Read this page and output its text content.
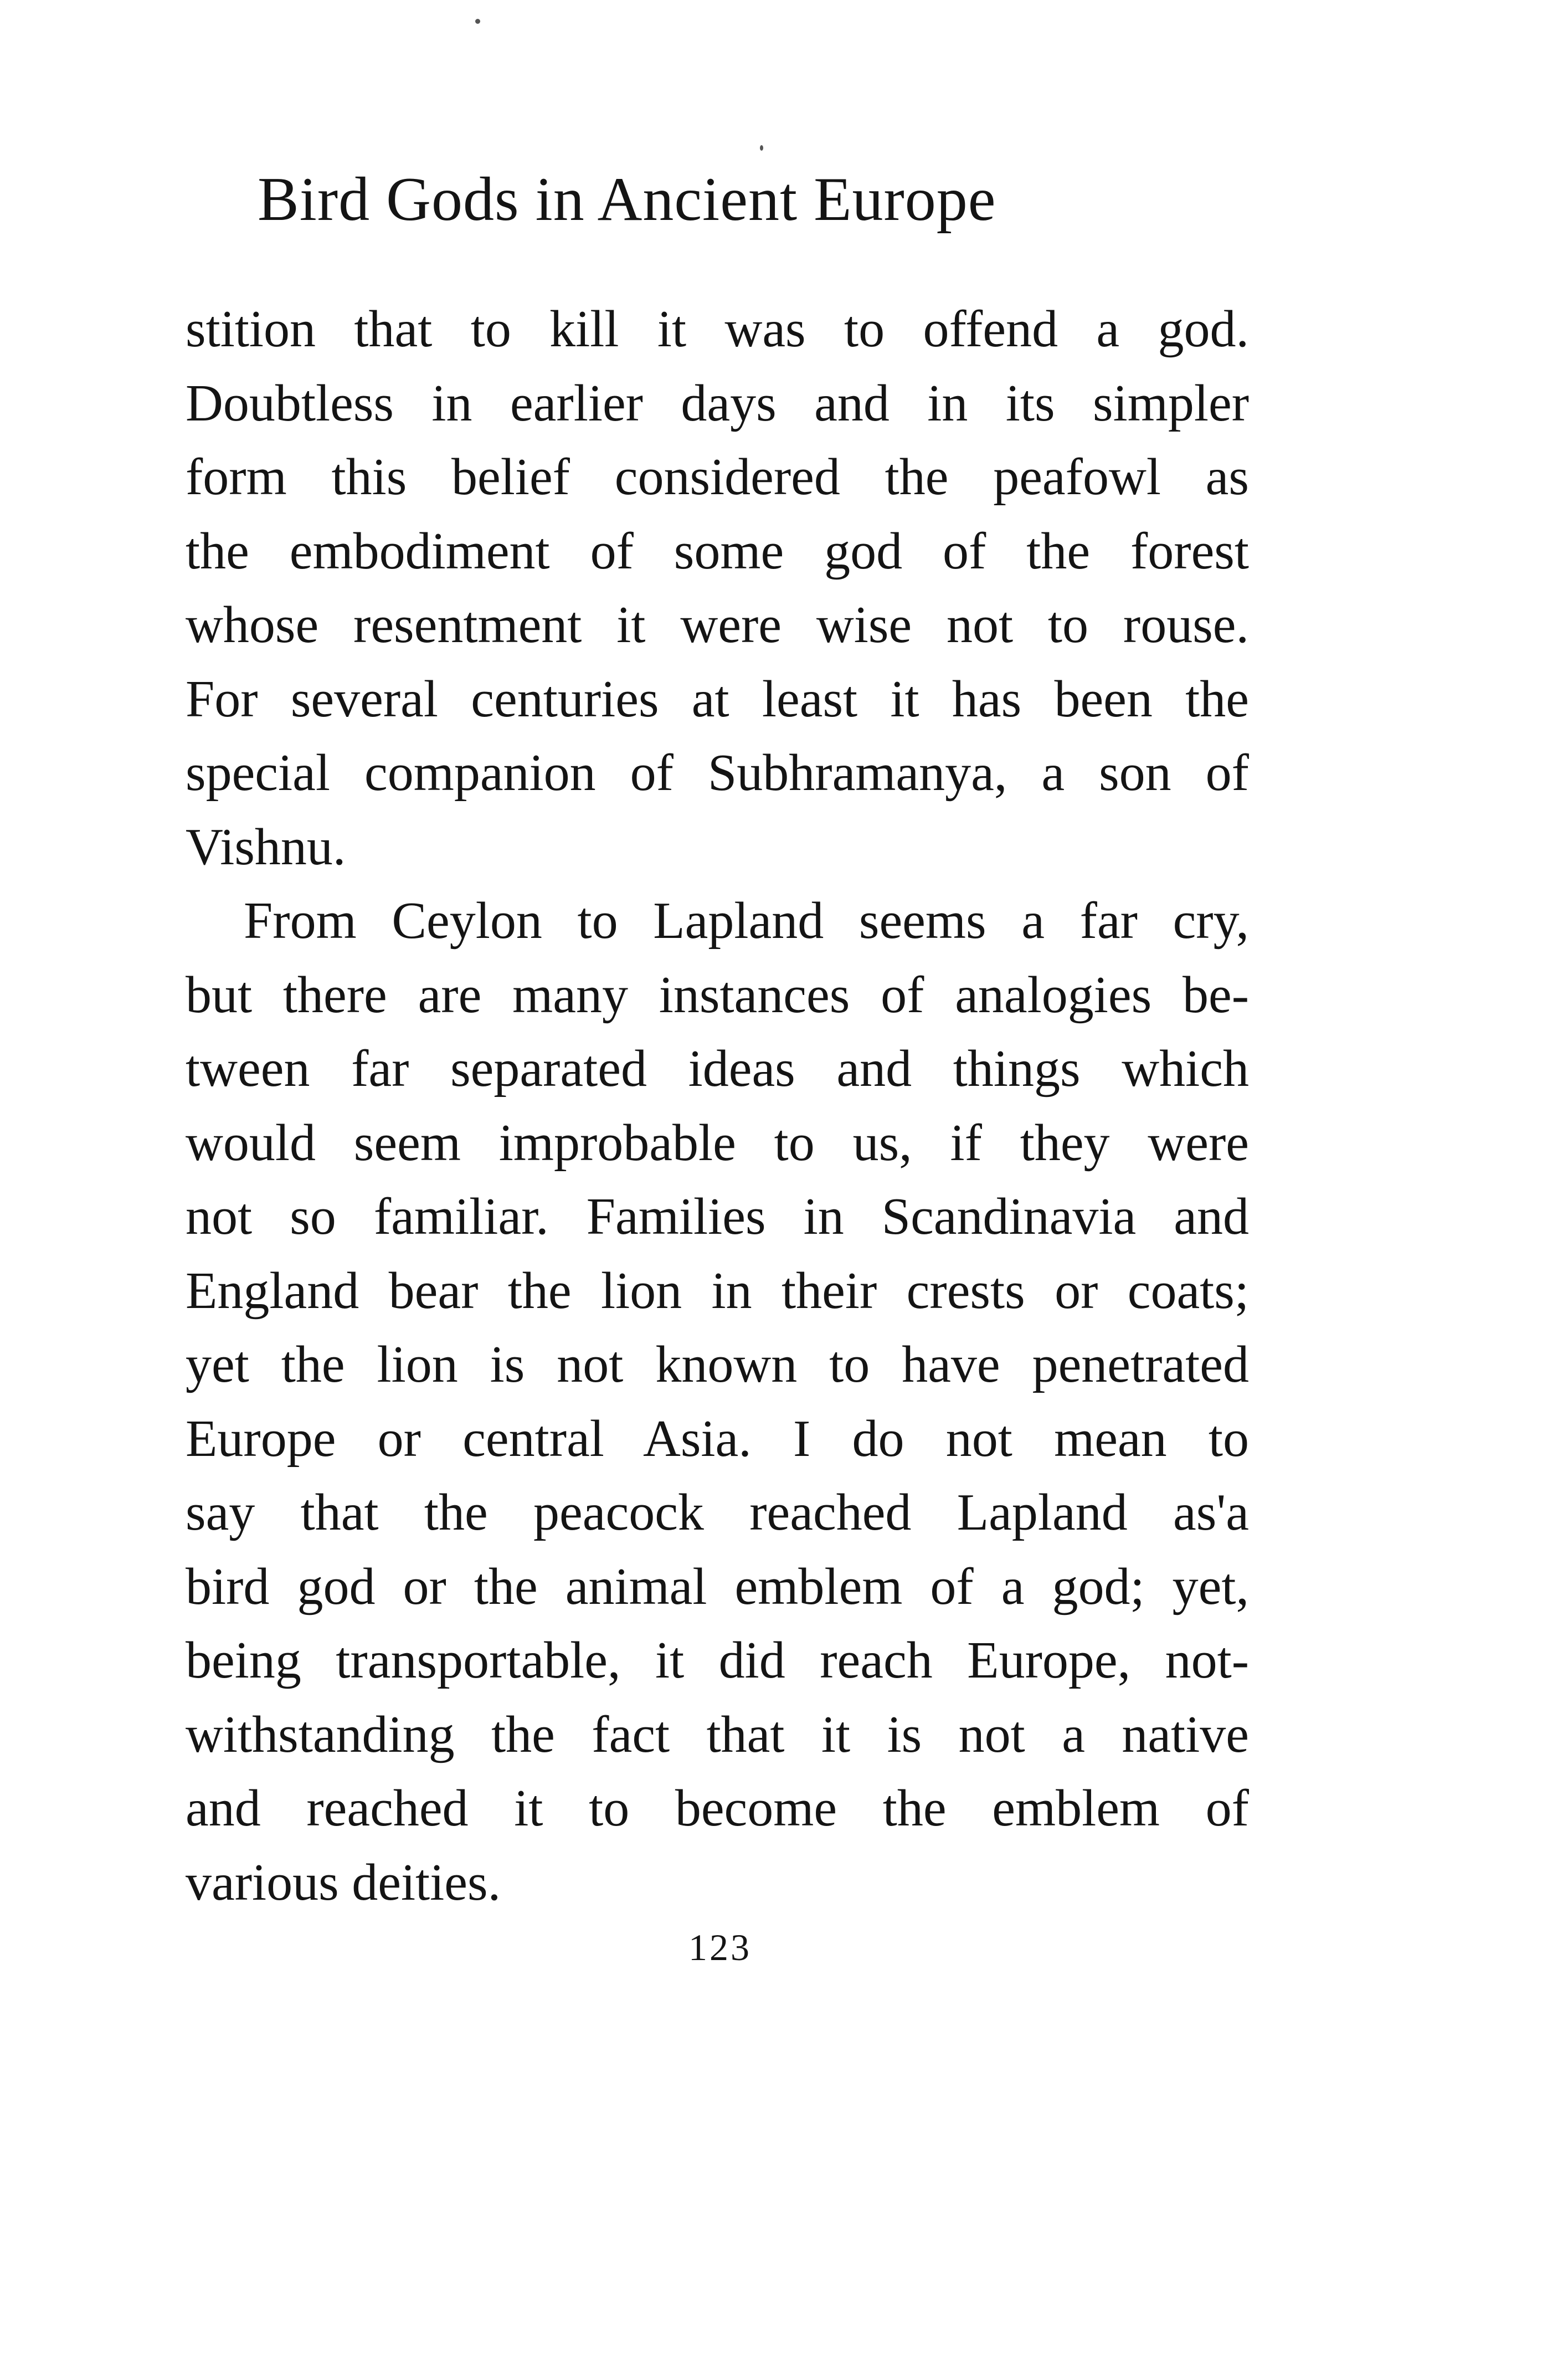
Bird Gods in Ancient Europe
stition that to kill it was to offend a god.
Doubtless in earlier days and in its simpler
form this belief considered the peafowl as
the embodiment of some god of the forest
whose resentment it were wise not to rouse.
For several centuries at least it has been the
special companion of Subhramanya, a son of
Vishnu.
From Ceylon to Lapland seems a far cry,
but there are many instances of analogies be-
tween far separated ideas and things which
would seem improbable to us, if they were
not so familiar. Families in Scandinavia and
England bear the lion in their crests or coats;
yet the lion is not known to have penetrated
Europe or central Asia. I do not mean to
say that the peacock reached Lapland as'a
bird god or the animal emblem of a god; yet,
being transportable, it did reach Europe, not-
withstanding the fact that it is not a native
and reached it to become the emblem of
various deities.
123
